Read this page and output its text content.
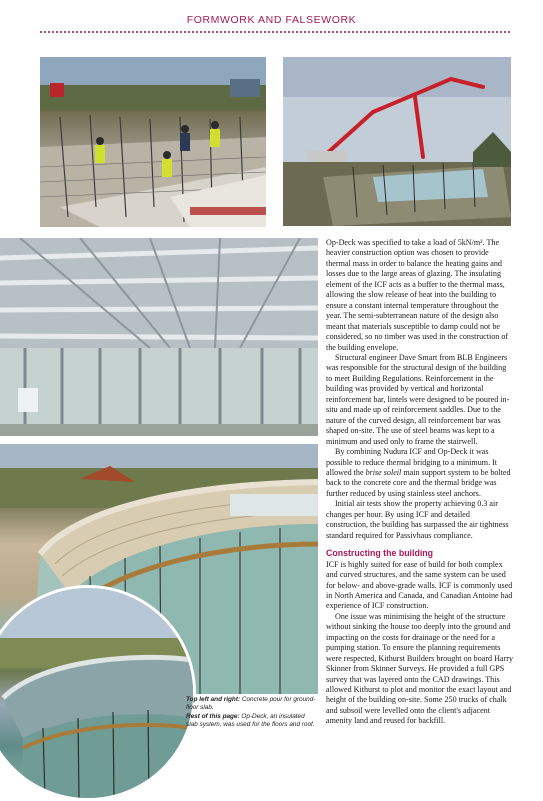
FORMWORK AND FALSEWORK
Top left and right: Concrete pour for ground-floor slab.
Rest of this page: Op-Deck, an insulated slab system, was used for the floors and roof.

Op-Deck was specified to take a load of 5kN/m². The heavier construction option was chosen to provide thermal mass in order to balance the heating gains and losses due to the large areas of glazing. The insulating element of the ICF acts as a buffer to the thermal mass, allowing the slow release of heat into the building to ensure a constant internal temperature throughout the year. The semi-subterranean nature of the design also meant that materials susceptible to damp could not be considered, so no timber was used in the construction of the building envelope.

Structural engineer Dave Smart from BLB Engineers was responsible for the structural design of the building to meet Building Regulations. Reinforcement in the building was provided by vertical and horizontal reinforcement bar, lintels were designed to be poured in-situ and made up of reinforcement saddles. Due to the nature of the curved design, all reinforcement bar was shaped on-site. The use of steel beams was kept to a minimum and used only to frame the stairwell.

By combining Nudura ICF and Op-Deck it was possible to reduce thermal bridging to a minimum. It allowed the brise soleil main support system to be bolted back to the concrete core and the thermal bridge was further reduced by using stainless steel anchors.

Initial air tests show the property achieving 0.3 air changes per hour. By using ICF and detailed construction, the building has surpassed the air tightness standard required for Passivhaus compliance.

Constructing the building

ICF is highly suited for ease of build for both complex and curved structures, and the same system can be used for below- and above-grade walls. ICF is commonly used in North America and Canada, and Canadian Antoine had experience of ICF construction.

One issue was minimising the height of the structure without sinking the house too deeply into the ground and impacting on the costs for drainage or the need for a pumping station. To ensure the planning requirements were respected, Kithurst Builders brought on board Harry Skinner from Skinner Surveys. He provided a full GPS survey that was layered onto the CAD drawings. This allowed Kithurst to plot and monitor the exact layout and height of the building on-site. Some 250 trucks of chalk and subsoil were levelled onto the client's adjacent amenity land and reused for backfill.
